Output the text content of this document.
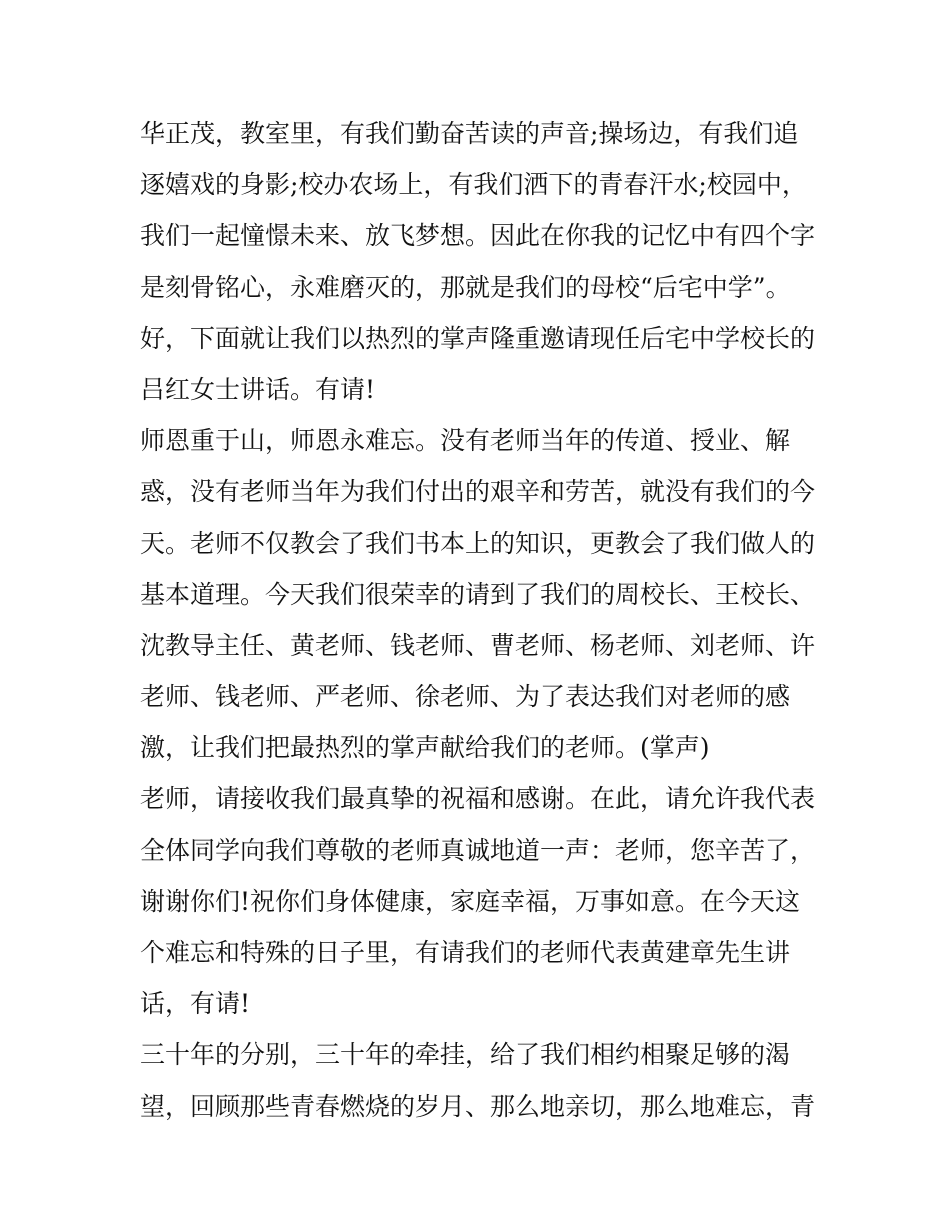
华正茂，教室里，有我们勤奋苦读的声音;操场边，有我们追
逐嬉戏的身影;校办农场上，有我们洒下的青春汗水;校园中，
我们一起憧憬未来、放飞梦想。因此在你我的记忆中有四个字
是刻骨铭心，永难磨灭的，那就是我们的母校“后宅中学”。
好，下面就让我们以热烈的掌声隆重邀请现任后宅中学校长的
吕红女士讲话。有请!
师恩重于山，师恩永难忘。没有老师当年的传道、授业、解
惑，没有老师当年为我们付出的艰辛和劳苦，就没有我们的今
天。老师不仅教会了我们书本上的知识，更教会了我们做人的
基本道理。今天我们很荣幸的请到了我们的周校长、王校长、
沈教导主任、黄老师、钱老师、曹老师、杨老师、刘老师、许
老师、钱老师、严老师、徐老师、为了表达我们对老师的感
激，让我们把最热烈的掌声献给我们的老师。(掌声)
老师，请接收我们最真挚的祝福和感谢。在此，请允许我代表
全体同学向我们尊敬的老师真诚地道一声：老师，您辛苦了，
谢谢你们!祝你们身体健康，家庭幸福，万事如意。在今天这
个难忘和特殊的日子里，有请我们的老师代表黄建章先生讲
话，有请!
三十年的分别，三十年的牵挂，给了我们相约相聚足够的渴
望，回顾那些青春燃烧的岁月、那么地亲切，那么地难忘，青
